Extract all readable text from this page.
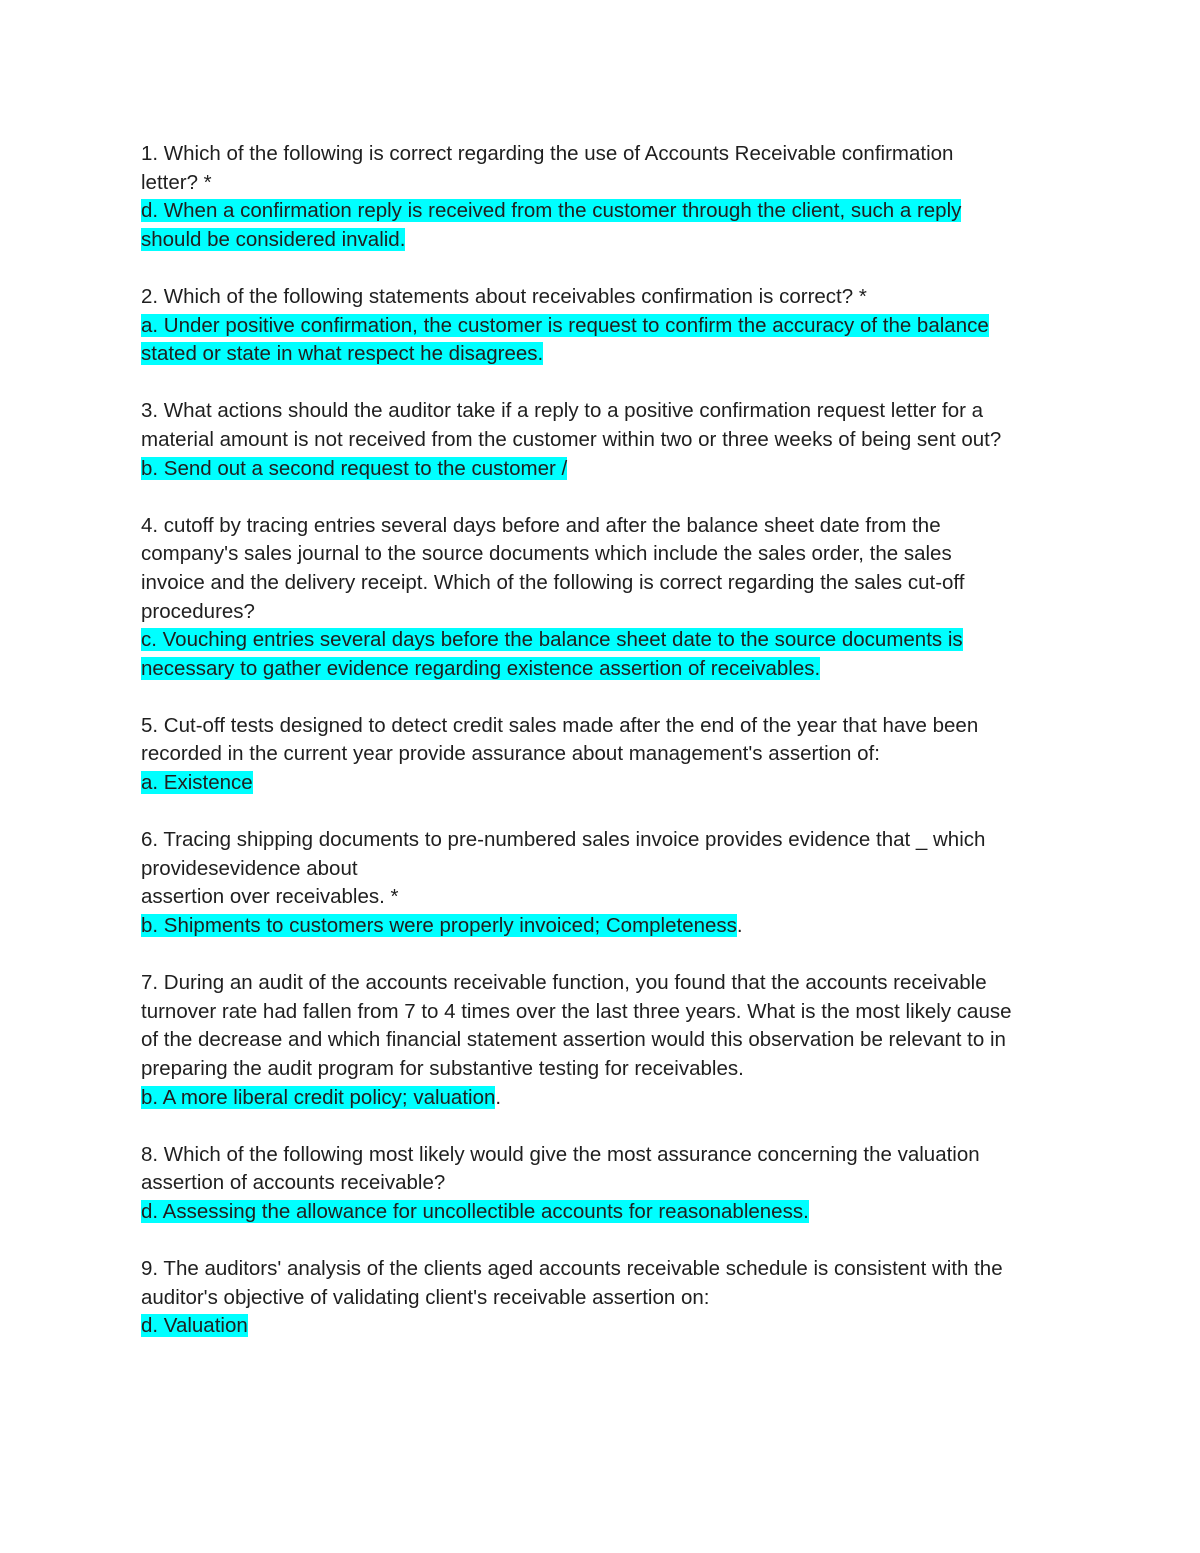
1. Which of the following is correct regarding the use of Accounts Receivable confirmation
letter? *
d. When a confirmation reply is received from the customer through the client, such a reply
should be considered invalid.
2. Which of the following statements about receivables confirmation is correct? *
a. Under positive confirmation, the customer is request to confirm the accuracy of the balance
stated or state in what respect he disagrees.
3. What actions should the auditor take if a reply to a positive confirmation request letter for a
material amount is not received from the customer within two or three weeks of being sent out?
b. Send out a second request to the customer /
4. cutoff by tracing entries several days before and after the balance sheet date from the
company's sales journal to the source documents which include the sales order, the sales
invoice and the delivery receipt. Which of the following is correct regarding the sales cut-off
procedures?
c. Vouching entries several days before the balance sheet date to the source documents is
necessary to gather evidence regarding existence assertion of receivables.
5. Cut-off tests designed to detect credit sales made after the end of the year that have been
recorded in the current year provide assurance about management's assertion of:
a. Existence
6. Tracing shipping documents to pre-numbered sales invoice provides evidence that _ which
providesevidence about
assertion over receivables. *
b. Shipments to customers were properly invoiced; Completeness.
7. During an audit of the accounts receivable function, you found that the accounts receivable
turnover rate had fallen from 7 to 4 times over the last three years. What is the most likely cause
of the decrease and which financial statement assertion would this observation be relevant to in
preparing the audit program for substantive testing for receivables.
b. A more liberal credit policy; valuation.
8. Which of the following most likely would give the most assurance concerning the valuation
assertion of accounts receivable?
d. Assessing the allowance for uncollectible accounts for reasonableness.
9. The auditors' analysis of the clients aged accounts receivable schedule is consistent with the
auditor's objective of validating client's receivable assertion on:
d. Valuation
